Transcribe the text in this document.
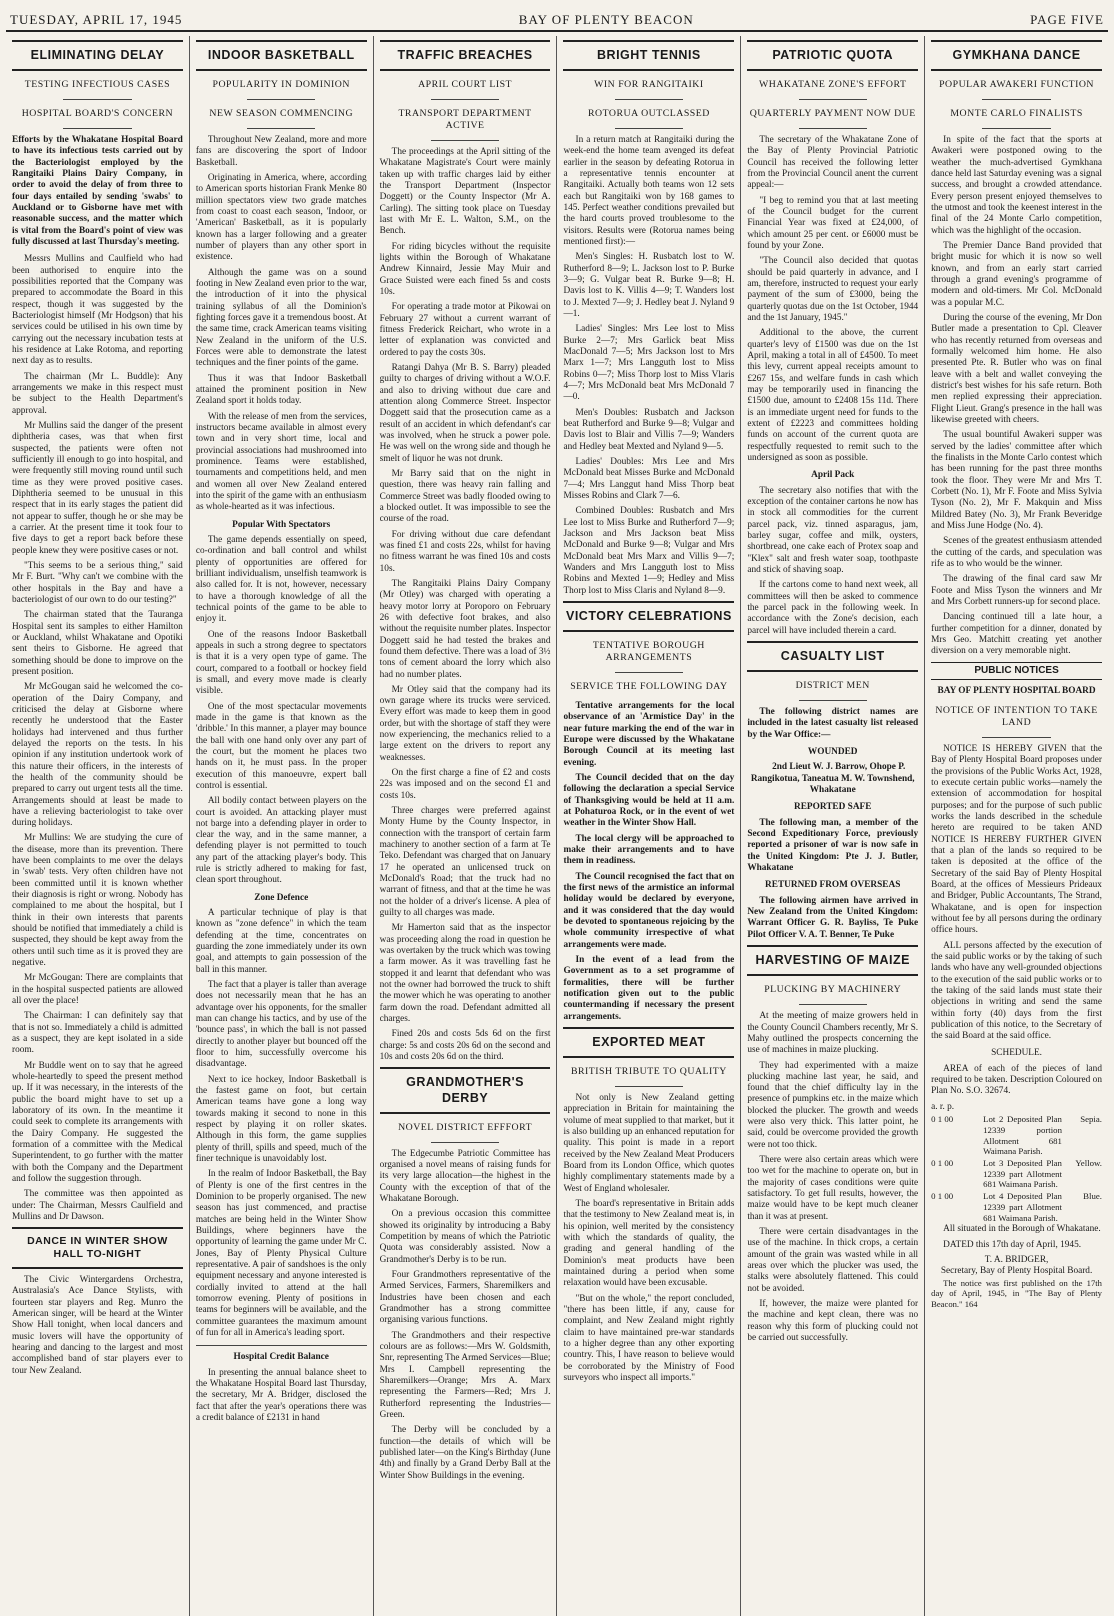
TUESDAY, APRIL 17, 1945	BAY OF PLENTY BEACON	PAGE FIVE
ELIMINATING DELAY
TESTING INFECTIOUS CASES
HOSPITAL BOARD'S CONCERN
Efforts by the Whakatane Hospital Board to have its infectious tests carried out by the Bacteriologist employed by the Rangitaiki Plains Dairy Company, in order to avoid the delay of from three to four days entailed by sending 'swabs' to Auckland or to Gisborne have met with reasonable success, and the matter which is vital from the Board's point of view was fully discussed at last Thursday's meeting.

Messrs Mullins and Caulfield who had been authorised to enquire into the possibilities reported that the Company was prepared to accommodate the Board in this respect, though it was suggested by the Bacteriologist himself (Mr Hodgson) that his services could be utilised in his own time by carrying out the necessary incubation tests at his residence at Lake Rotoma, and reporting next day as to results.

The chairman (Mr L. Buddle): Any arrangements we make in this respect must be subject to the Health Department's approval.

Mr Mullins said the danger of the present diphtheria cases, was that when first suspected, the patients were often not sufficiently ill enough to go into hospital, and were frequently still moving round until such time as they were proved positive cases. Diphtheria seemed to be unusual in this respect that in its early stages the patient did not appear to suffer, though he or she may be a carrier. At the present time it took four to five days to get a report back before these people knew they were positive cases or not.

"This seems to be a serious thing," said Mr F. Burt. "Why can't we combine with the other hospitals in the Bay and have a bacteriologist of our own to do our testing?"

The chairman stated that the Tauranga Hospital sent its samples to either Hamilton or Auckland, whilst Whakatane and Opotiki sent theirs to Gisborne. He agreed that something should be done to improve on the present position.

Mr McGougan said he welcomed the co-operation of the Dairy Company, and criticised the delay at Gisborne where recently he understood that the Easter holidays had intervened and thus further delayed the reports on the tests. In his opinion if any institution undertook work of this nature their officers, in the interests of the health of the community should be prepared to carry out urgent tests all the time. Arrangements should at least be made to have a relieving bacteriologist to take over during holidays.

Mr Mullins: We are studying the cure of the disease, more than its prevention. There have been complaints to me over the delays in 'swab' tests. Very often children have not been committed until it is known whether their diagnosis is right or wrong. Nobody has complained to me about the hospital, but I think in their own interests that parents should be notified that immediately a child is suspected, they should be kept away from the others until such time as it is proved they are negative.

Mr McGougan: There are complaints that in the hospital suspected patients are allowed all over the place!

The Chairman: I can definitely say that that is not so. Immediately a child is admitted as a suspect, they are kept isolated in a side room.

Mr Buddle went on to say that he agreed whole-heartedly to speed the present method up. If it was necessary, in the interests of the public the board might have to set up a laboratory of its own. In the meantime it could seek to complete its arrangements with the Dairy Company. He suggested the formation of a committee with the Medical Superintendent, to go further with the matter with both the Company and the Department and follow the suggestion through.

The committee was then appointed as under: The Chairman, Messrs Caulfield and Mullins and Dr Dawson.

DANCE IN WINTER SHOW HALL TO-NIGHT

The Civic Wintergardens Orchestra, Australasia's Ace Dance Stylists, with fourteen star players and Reg. Munro the American singer, will be heard at the Winter Show Hall tonight, when local dancers and music lovers will have the opportunity of hearing and dancing to the largest and most accomplished band of star players ever to tour New Zealand.

INDOOR BASKETBALL
POPULARITY IN DOMINION
NEW SEASON COMMENCING

Throughout New Zealand, more and more fans are discovering the sport of Indoor Basketball.

Originating in America, where, according to American sports historian Frank Menke 80 million spectators view two grade matches from coast to coast each season, 'Indoor, or 'American' Basketball, as it is popularly known has a larger following and a greater number of players than any other sport in existence.

Although the game was on a sound footing in New Zealand even prior to the war, the introduction of it into the physical training syllabus of all the Dominion's fighting forces gave it a tremendous boost. At the same time, crack American teams visiting New Zealand in the uniform of the U.S. Forces were able to demonstrate the latest techniques and the finer points of the game.

Thus it was that Indoor Basketball attained the prominent position in New Zealand sport it holds today.

With the release of men from the services, instructors became available in almost every town and in very short time, local and provincial associations had mushroomed into prominence. Teams were established, tournaments and competitions held, and men and women all over New Zealand entered into the spirit of the game with an enthusiasm as whole-hearted as it was infectious.

Popular With Spectators

The game depends essentially on speed, co-ordination and ball control and whilst plenty of opportunities are offered for brilliant individualism, unselfish teamwork is also called for. It is not, however, necessary to have a thorough knowledge of all the technical points of the game to be able to enjoy it.

One of the reasons Indoor Basketball appeals in such a strong degree to spectators is that it is a very open type of game. The court, compared to a football or hockey field is small, and every move made is clearly visible.

One of the most spectacular movements made in the game is that known as the 'dribble.' In this manner, a player may bounce the ball with one hand only over any part of the court, but the moment he places two hands on it, he must pass. In the proper execution of this manoeuvre, expert ball control is essential.

All bodily contact between players on the court is avoided. An attacking player must not barge into a defending player in order to clear the way, and in the same manner, a defending player is not permitted to touch any part of the attacking player's body. This rule is strictly adhered to making for fast, clean sport throughout.

Zone Defence

A particular technique of play is that known as "zone defence" in which the team defending at the time, concentrates on guarding the zone immediately under its own goal, and attempts to gain possession of the ball in this manner.

The fact that a player is taller than average does not necessarily mean that he has an advantage over his opponents, for the smaller man can change his tactics, and by use of the 'bounce pass', in which the ball is not passed directly to another player but bounced off the floor to him, successfully overcome his disadvantage.

Next to ice hockey, Indoor Basketball is the fastest game on foot, but certain American teams have gone a long way towards making it second to none in this respect by playing it on roller skates. Although in this form, the game supplies plenty of thrill, spills and speed, much of the finer technique is unavoidably lost.

In the realm of Indoor Basketball, the Bay of Plenty is one of the first centres in the Dominion to be properly organised. The new season has just commenced, and practise matches are being held in the Winter Show Buildings, where beginners have the opportunity of learning the game under Mr C. Jones, Bay of Plenty Physical Culture representative. A pair of sandshoes is the only equipment necessary and anyone interested is cordially invited to attend at the hall tomorrow evening. Plenty of positions in teams for beginners will be available, and the committee guarantees the maximum amount of fun for all in America's leading sport.

Hospital Credit Balance

In presenting the annual balance sheet to the Whakatane Hospital Board last Thursday, the secretary, Mr A. Bridger, disclosed the fact that after the year's operations there was a credit balance of £2131 in hand

TRAFFIC BREACHES
APRIL COURT LIST
TRANSPORT DEPARTMENT ACTIVE

The proceedings at the April sitting of the Whakatane Magistrate's Court were mainly taken up with traffic charges laid by either the Transport Department (Inspector Doggett) or the County Inspector (Mr A. Carling). The sitting took place on Tuesday last with Mr E. L. Walton, S.M., on the Bench.

For riding bicycles without the requisite lights within the Borough of Whakatane Andrew Kinnaird, Jessie May Muir and Grace Suisted were each fined 5s and costs 10s.

For operating a trade motor at Pikowai on February 27 without a current warrant of fitness Frederick Reichart, who wrote in a letter of explanation was convicted and ordered to pay the costs 30s.

Ratangi Dahya (Mr B. S. Barry) pleaded guilty to charges of driving without a W.O.F. and also to driving without due care and attention along Commerce Street. Inspector Doggett said that the prosecution came as a result of an accident in which defendant's car was involved, when he struck a power pole. He was well on the wrong side and though he smelt of liquor he was not drunk.

Mr Barry said that on the night in question, there was heavy rain falling and Commerce Street was badly flooded owing to a blocked outlet. It was impossible to see the course of the road.

For driving without due care defendant was fined £1 and costs 22s, whilst for having no fitness warrant he was fined 10s and costs 10s.

The Rangitaiki Plains Dairy Company (Mr Otley) was charged with operating a heavy motor lorry at Poroporo on February 26 with defective foot brakes, and also without the requisite number plates. Inspector Doggett said he had tested the brakes and found them defective. There was a load of 3½ tons of cement aboard the lorry which also had no number plates.

Mr Otley said that the company had its own garage where its trucks were serviced. Every effort was made to keep them in good order, but with the shortage of staff they were now experiencing, the mechanics relied to a large extent on the drivers to report any weaknesses.

On the first charge a fine of £2 and costs 22s was imposed and on the second £1 and costs 10s.

Three charges were preferred against Monty Hume by the County Inspector, in connection with the transport of certain farm machinery to another section of a farm at Te Teko. Defendant was charged that on January 17 he operated an unlicensed truck on McDonald's Road; that the truck had no warrant of fitness, and that at the time he was not the holder of a driver's license. A plea of guilty to all charges was made.

Mr Hamerton said that as the inspector was proceeding along the road in question he was overtaken by the truck which was towing a farm mower. As it was travelling fast he stopped it and learnt that defendant who was not the owner had borrowed the truck to shift the mower which he was operating to another farm down the road. Defendant admitted all charges.

Fined 20s and costs 5ds 6d on the first charge: 5s and costs 20s 6d on the second and 10s and costs 20s 6d on the third.

GRANDMOTHER'S DERBY
NOVEL DISTRICT EFFFORT

The Edgecumbe Patriotic Committee has organised a novel means of raising funds for its very large allocation—the highest in the County with the exception of that of the Whakatane Borough.

On a previous occasion this committee showed its originality by introducing a Baby Competition by means of which the Patriotic Quota was considerably assisted. Now a Grandmother's Derby is to be run.

Four Grandmothers representative of the Armed Services, Farmers, Sharemilkers and Industries have been chosen and each Grandmother has a strong committee organising various functions.

The Grandmothers and their respective colours are as follows:—Mrs W. Goldsmith, Snr, representing The Armed Services—Blue; Mrs I. Campbell representing the Sharemilkers—Orange; Mrs A. Marx representing the Farmers—Red; Mrs J. Rutherford representing the Industries—Green.

The Derby will be concluded by a function—the details of which will be published later—on the King's Birthday (June 4th) and finally by a Grand Derby Ball at the Winter Show Buildings in the evening.

BRIGHT TENNIS
WIN FOR RANGITAIKI
ROTORUA OUTCLASSED

In a return match at Rangitaiki during the week-end the home team avenged its defeat earlier in the season by defeating Rotorua in a representative tennis encounter at Rangitaiki. Actually both teams won 12 sets each but Rangitaiki won by 168 games to 145. Perfect weather conditions prevailed but the hard courts proved troublesome to the visitors. Results were (Rotorua names being mentioned first):—

Men's Singles: H. Rusbatch lost to W. Rutherford 8—9; L. Jackson lost to P. Burke 3—9; G. Vulgar beat R. Burke 9—8; H. Davis lost to K. Villis 4—9; T. Wanders lost to J. Mexted 7—9; J. Hedley beat J. Nyland 9—1.

Ladies' Singles: Mrs Lee lost to Miss Burke 2—7; Mrs Garlick beat Miss MacDonald 7—5; Mrs Jackson lost to Mrs Marx 1—7; Mrs Langguth lost to Miss Robins 0—7; Miss Thorp lost to Miss Vlaris 4—7; Mrs McDonald beat Mrs McDonald 7—0.

Men's Doubles: Rusbatch and Jackson beat Rutherford and Burke 9—8; Vulgar and Davis lost to Blair and Villis 7—9; Wanders and Hedley beat Mexted and Nyland 9—5.

Ladies' Doubles: Mrs Lee and Mrs McDonald beat Misses Burke and McDonald 7—4; Mrs Langgut hand Miss Thorp beat Misses Robins and Clark 7—6.

Combined Doubles: Rusbatch and Mrs Lee lost to Miss Burke and Rutherford 7—9; Jackson and Mrs Jackson beat Miss McDonald and Burke 9—8; Vulgar and Mrs McDonald beat Mrs Marx and Villis 9—7; Wanders and Mrs Langguth lost to Miss Robins and Mexted 1—9; Hedley and Miss Thorp lost to Miss Claris and Nyland 8—9.

VICTORY CELEBRATIONS
TENTATIVE BOROUGH ARRANGEMENTS
SERVICE THE FOLLOWING DAY

Tentative arrangements for the local observance of an 'Armistice Day' in the near future marking the end of the war in Europe were discussed by the Whakatane Borough Council at its meeting last evening.

The Council decided that on the day following the declaration a special Service of Thanksgiving would be held at 11 a.m. at Pohaturoa Rock, or in the event of wet weather in the Winter Show Hall.

The local clergy will be approached to make their arrangements and to have them in readiness.

The Council recognised the fact that on the first news of the armistice an informal holiday would be declared by everyone, and it was considered that the day would be devoted to spontaneous rejoicing by the whole community irrespective of what arrangements were made.

In the event of a lead from the Government as to a set programme of formalities, there will be further notification given out to the public countermanding if necessary the present arrangements.

EXPORTED MEAT
BRITISH TRIBUTE TO QUALITY

Not only is New Zealand getting appreciation in Britain for maintaining the volume of meat supplied to that market, but it is also building up an enhanced reputation for quality. This point is made in a report received by the New Zealand Meat Producers Board from its London Office, which quotes highly complimentary statements made by a West of England wholesaler.

The board's representative in Britain adds that the testimony to New Zealand meat is, in his opinion, well merited by the consistency with which the standards of quality, the grading and general handling of the Dominion's meat products have been maintained during a period when some relaxation would have been excusable.

"But on the whole," the report concluded, "there has been little, if any, cause for complaint, and New Zealand might rightly claim to have maintained pre-war standards to a higher degree than any other exporting country. This, I have reason to believe would be corroborated by the Ministry of Food surveyors who inspect all imports."

PATRIOTIC QUOTA
WHAKATANE ZONE'S EFFORT
QUARTERLY PAYMENT NOW DUE

The secretary of the Whakatane Zone of the Bay of Plenty Provincial Patriotic Council has received the following letter from the Provincial Council anent the current appeal:—

"I beg to remind you that at last meeting of the Council budget for the current Financial Year was fixed at £24,000, of which amount 25 per cent. or £6000 must be found by your Zone.

"The Council also decided that quotas should be paid quarterly in advance, and I am, therefore, instructed to request your early payment of the sum of £3000, being the quarterly quotas due on the 1st October, 1944 and the 1st January, 1945."

Additional to the above, the current quarter's levy of £1500 was due on the 1st April, making a total in all of £4500. To meet this levy, current appeal receipts amount to £267 15s, and welfare funds in cash which may be temporarily used in financing the £1500 due, amount to £2408 15s 11d. There is an immediate urgent need for funds to the extent of £2223 and committees holding funds on account of the current quota are respectfully requested to remit such to the undersigned as soon as possible.

April Pack

The secretary also notifies that with the exception of the container cartons he now has in stock all commodities for the current parcel pack, viz. tinned asparagus, jam, barley sugar, coffee and milk, oysters, shortbread, one cake each of Protex soap and "Klex" salt and fresh water soap, toothpaste and stick of shaving soap.

If the cartons come to hand next week, all committees will then be asked to commence the parcel pack in the following week. In accordance with the Zone's decision, each parcel will have included therein a card.

CASUALTY LIST
DISTRICT MEN

The following district names are included in the latest casualty list released by the War Office:—

WOUNDED

2nd Lieut W. J. Barrow, Ohope P. Rangikotua, Taneatua M. W. Townshend, Whakatane

REPORTED SAFE

The following man, a member of the Second Expeditionary Force, previously reported a prisoner of war is now safe in the United Kingdom: Pte J. J. Butler, Whakatane

RETURNED FROM OVERSEAS

The following airmen have arrived in New Zealand from the United Kingdom: Warrant Officer G. R. Bayliss, Te Puke Pilot Officer V. A. T. Benner, Te Puke

HARVESTING OF MAIZE
PLUCKING BY MACHINERY

At the meeting of maize growers held in the County Council Chambers recently, Mr S. Mahy outlined the prospects concerning the use of machines in maize plucking.

They had experimented with a maize plucking machine last year, he said, and found that the chief difficulty lay in the presence of pumpkins etc. in the maize which blocked the plucker. The growth and weeds were also very thick. This latter point, he said, could be overcome provided the growth were not too thick.

There were also certain areas which were too wet for the machine to operate on, but in the majority of cases conditions were quite satisfactory. To get full results, however, the maize would have to be kept much cleaner than it was at present.

There were certain disadvantages in the use of the machine. In thick crops, a certain amount of the grain was wasted while in all areas over which the plucker was used, the stalks were absolutely flattened. This could not be avoided.

If, however, the maize were planted for the machine and kept clean, there was no reason why this form of plucking could not be carried out successfully.

GYMKHANA DANCE
POPULAR AWAKERI FUNCTION
MONTE CARLO FINALISTS

In spite of the fact that the sports at Awakeri were postponed owing to the weather the much-advertised Gymkhana dance held last Saturday evening was a signal success, and brought a crowded attendance. Every person present enjoyed themselves to the utmost and took the keenest interest in the final of the 24 Monte Carlo competition, which was the highlight of the occasion.

The Premier Dance Band provided that bright music for which it is now so well known, and from an early start carried through a grand evening's programme of modern and old-timers. Mr Col. McDonald was a popular M.C.

During the course of the evening, Mr Don Butler made a presentation to Cpl. Cleaver who has recently returned from overseas and formally welcomed him home. He also presented Pte. R. Butler who was on final leave with a belt and wallet conveying the district's best wishes for his safe return. Both men replied expressing their appreciation. Flight Lieut. Grang's presence in the hall was likewise greeted with cheers.

The usual bountiful Awakeri supper was served by the ladies' committee after which the finalists in the Monte Carlo contest which has been running for the past three months took the floor. They were Mr and Mrs T. Corbett (No. 1), Mr F. Foote and Miss Sylvia Tyson (No. 2), Mr F. Makquin and Miss Mildred Batey (No. 3), Mr Frank Beveridge and Miss June Hodge (No. 4).

Scenes of the greatest enthusiasm attended the cutting of the cards, and speculation was rife as to who would be the winner.

The drawing of the final card saw Mr Foote and Miss Tyson the winners and Mr and Mrs Corbett runners-up for second place.

Dancing continued till a late hour, a further competition for a dinner, donated by Mrs Geo. Matchitt creating yet another diversion on a very memorable night.

PUBLIC NOTICES
BAY OF PLENTY HOSPITAL BOARD
NOTICE OF INTENTION TO TAKE LAND

NOTICE IS HEREBY GIVEN that the Bay of Plenty Hospital Board proposes under the provisions of the Public Works Act, 1928, to execute certain public works—namely the extension of accommodation for hospital purposes; and for the purpose of such public works the lands described in the schedule hereto are required to be taken AND NOTICE IS HEREBY FURTHER GIVEN that a plan of the lands so required to be taken is deposited at the office of the Secretary of the said Bay of Plenty Hospital Board, at the offices of Messieurs Prideaux and Bridger, Public Accountants, The Strand, Whakatane, and is open for inspection without fee by all persons during the ordinary office hours.

ALL persons affected by the execution of the said public works or by the taking of such lands who have any well-grounded objections to the execution of the said public works or to the taking of the said lands must state their objections in writing and send the same within forty (40) days from the first publication of this notice, to the Secretary of the said Board at the said office.

SCHEDULE.

AREA of each of the pieces of land required to be taken. Description Coloured on Plan No. S.O. 32674.

a. r. p.
0 1 00	Lot 2 Deposited Plan 12339 portion Allotment 681 Waimana Parish.
Sepia.
0 1 00	Lot 3 Deposited Plan 12339 part Allotment 681 Waimana Parish.
Yellow.
0 1 00	Lot 4 Deposited Plan 12339 part Allotment 681 Waimana Parish.
Blue.

All situated in the Borough of Whakatane.

DATED this 17th day of April, 1945.

T. A. BRIDGER,
Secretary, Bay of Plenty Hospital Board.

The notice was first published on the 17th day of April, 1945, in "The Bay of Plenty Beacon." 164
